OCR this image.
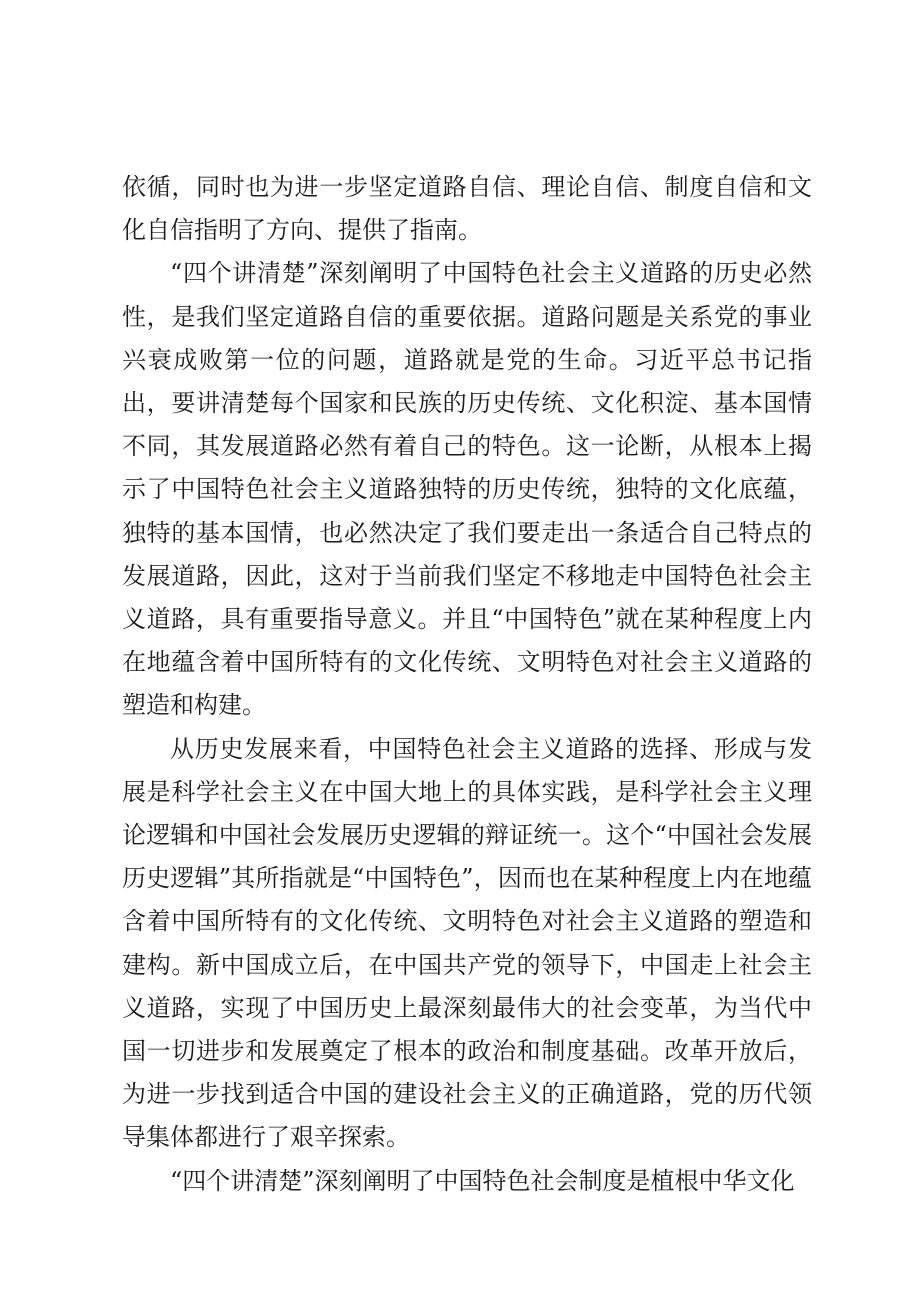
依循，同时也为进一步坚定道路自信、理论自信、制度自信和文化自信指明了方向、提供了指南。

“四个讲清楚”深刻阐明了中国特色社会主义道路的历史必然性，是我们坚定道路自信的重要依据。道路问题是关系党的事业兴衰成败第一位的问题，道路就是党的生命。习近平总书记指出，要讲清楚每个国家和民族的历史传统、文化积淀、基本国情不同，其发展道路必然有着自己的特色。这一论断，从根本上揭示了中国特色社会主义道路独特的历史传统，独特的文化底蕴，独特的基本国情，也必然决定了我们要走出一条适合自己特点的发展道路，因此，这对于当前我们坚定不移地走中国特色社会主义道路，具有重要指导意义。并且“中国特色”就在某种程度上内在地蕴含着中国所特有的文化传统、文明特色对社会主义道路的塑造和构建。

从历史发展来看，中国特色社会主义道路的选择、形成与发展是科学社会主义在中国大地上的具体实践，是科学社会主义理论逻辑和中国社会发展历史逻辑的辩证统一。这个“中国社会发展历史逻辑”其所指就是“中国特色”，因而也在某种程度上内在地蕴含着中国所特有的文化传统、文明特色对社会主义道路的塑造和建构。新中国成立后，在中国共产党的领导下，中国走上社会主义道路，实现了中国历史上最深刻最伟大的社会变革，为当代中国一切进步和发展奠定了根本的政治和制度基础。改革开放后，为进一步找到适合中国的建设社会主义的正确道路，党的历代领导集体都进行了艰辛探索。

“四个讲清楚”深刻阐明了中国特色社会制度是植根中华文化
